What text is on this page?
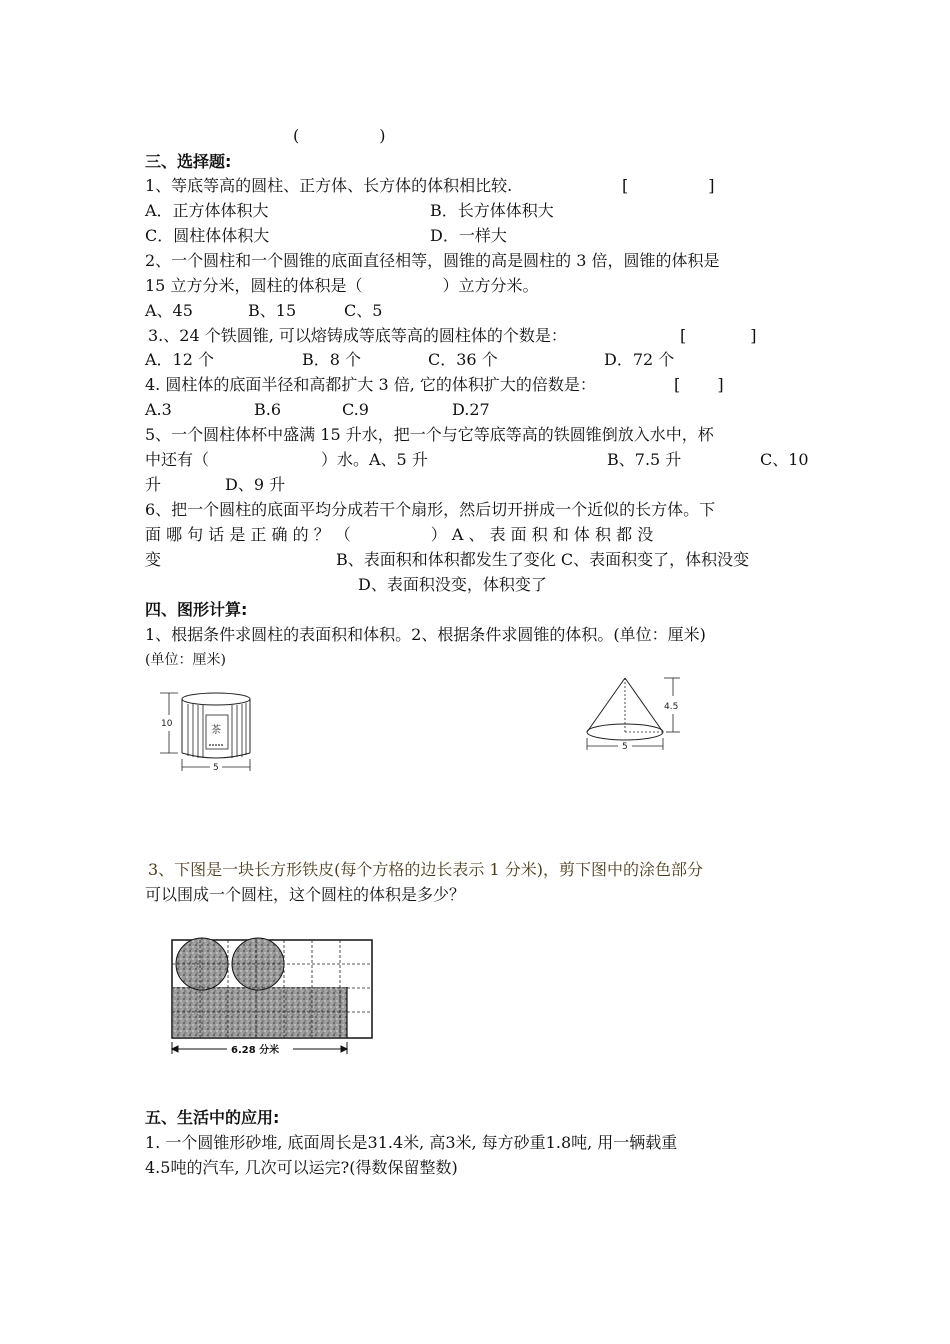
(　　　　　)
三、选择题:
1、等底等高的圆柱、正方体、长方体的体积相比较.	[　　　　　]
A．正方体体积大	B．长方体体积大
C．圆柱体体积大	D．一样大
2、一个圆柱和一个圆锥的底面直径相等，圆锥的高是圆柱的 3 倍，圆锥的体积是
15 立方分米，圆柱的体积是（　　　　　）立方分米。
A、45	B、15	C、5
3.、24 个铁圆锥, 可以熔铸成等底等高的圆柱体的个数是：	[　　　　]
A．12 个	B．8 个	C．36 个	D．72 个
4. 圆柱体的底面半径和高都扩大 3 倍, 它的体积扩大的倍数是：	[　　 ]
A.3	B.6	C.9	D.27
5、一个圆柱体杯中盛满 15 升水，把一个与它等底等高的铁圆锥倒放入水中，杯
中还有（　　　　　　　）水。A、5 升	B、7.5 升	C、10
升	D、9 升
6、把一个圆柱的底面平均分成若干个扇形，然后切开拼成一个近似的长方体。下
面 哪 句 话 是 正 确 的 ？ （　　　　　） A 、 表 面 积 和 体 积 都 没
变	B、表面积和体积都发生了变化 C、表面积变了，体积没变
D、表面积没变，体积变了
四、图形计算:
1、根据条件求圆柱的表面积和体积。2、根据条件求圆锥的体积。(单位：厘米)
(单位：厘米)
10
5
茶
4.5
5
3、下图是一块长方形铁皮(每个方格的边长表示 1 分米)，剪下图中的涂色部分
可以围成一个圆柱，这个圆柱的体积是多少？
6.28 分米
五、生活中的应用:
1. 一个圆锥形砂堆, 底面周长是31.4米, 高3米, 每方砂重1.8吨, 用一辆载重
4.5吨的汽车, 几次可以运完?(得数保留整数)
